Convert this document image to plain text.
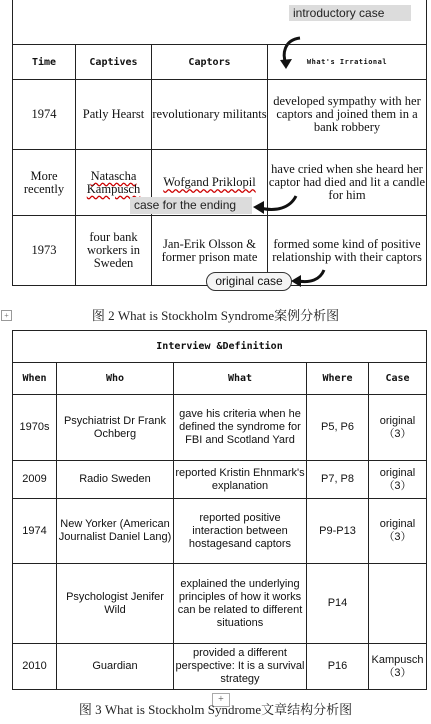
introductory case
Time	Captives	Captors	What's Irrational
1974	Patly Hearst	revolutionary militants	developed sympathy with her captors and joined them in a bank robbery
More recently	Natascha Kampusch	Wofgand Priklopil	have cried when she heard her captor had died and lit a candle for him
1973	four bank workers in Sweden	Jan-Erik Olsson & former prison mate	formed some kind of positive relationship with their captors
case for the ending
original case
+	图 2 What is Stockholm Syndrome案例分析图
Interview &Definition				
When	Who	What	Where	Case
1970s	Psychiatrist Dr Frank Ochberg	gave his criteria when he defined the syndrome for FBI and Scotland Yard	P5, P6	original（3）
2009	Radio Sweden	reported Kristin Ehnmark's explanation	P7, P8	original（3）
1974	New Yorker (American Journalist Daniel Lang)	reported positive interaction between hostagesand captors	P9-P13	original（3）
	Psychologist Jenifer Wild	explained the underlying principles of how it works can be related to different situations	P14	
2010	Guardian	provided a different perspective: It is a survival strategy	P16	Kampusch（3）
+
图 3 What is Stockholm Syndrome文章结构分析图
